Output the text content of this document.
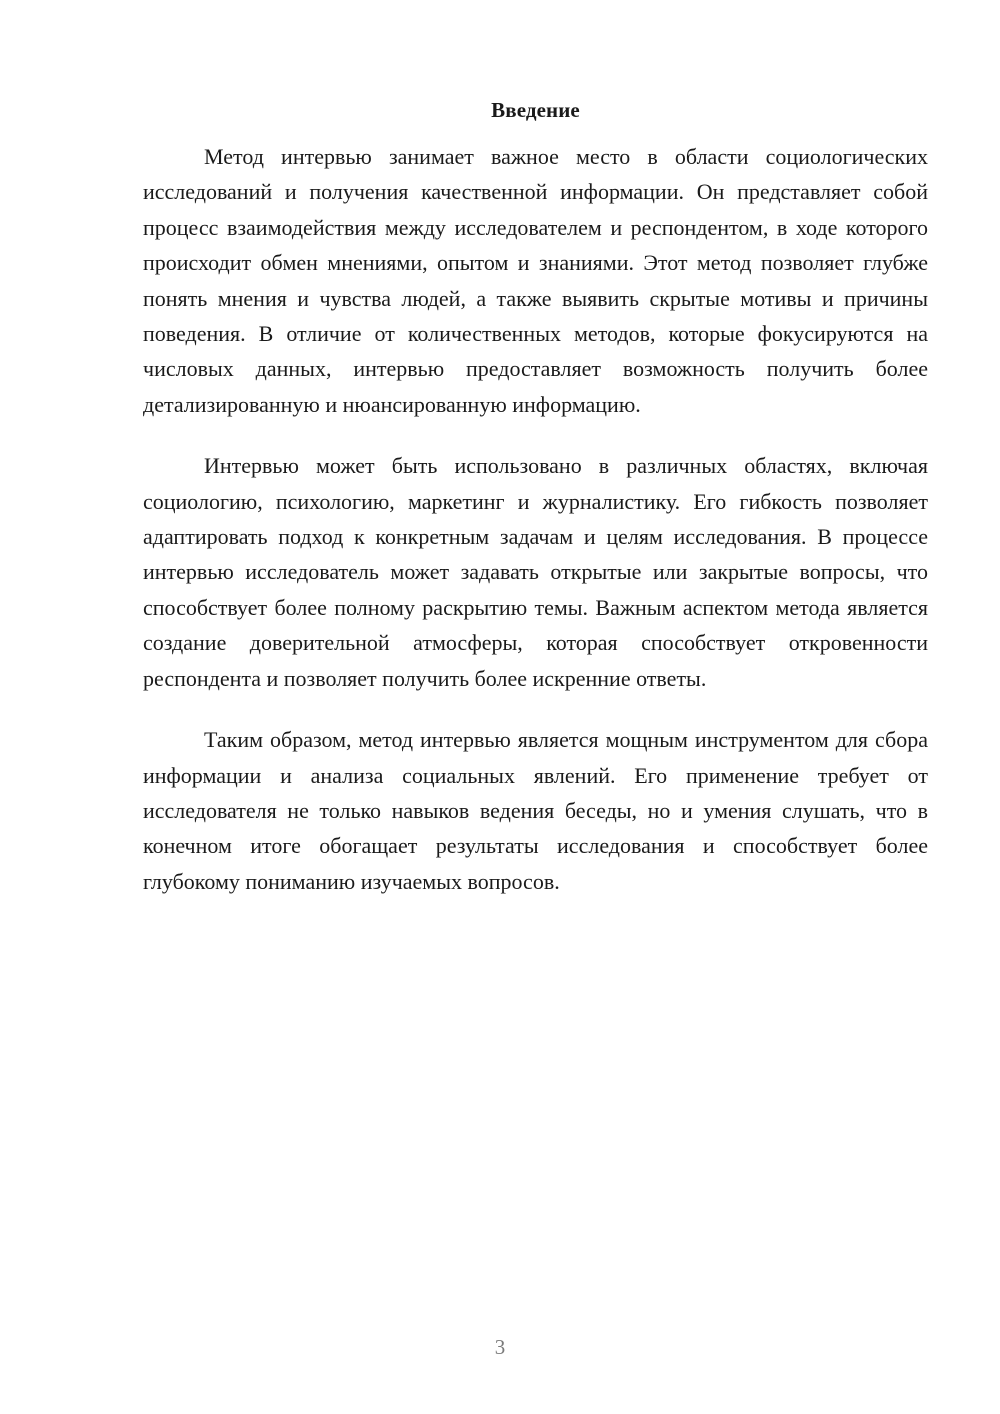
Введение

Метод интервью занимает важное место в области социологических исследований и получения качественной информации. Он представляет собой процесс взаимодействия между исследователем и респондентом, в ходе которого происходит обмен мнениями, опытом и знаниями. Этот метод позволяет глубже понять мнения и чувства людей, а также выявить скрытые мотивы и причины поведения. В отличие от количественных методов, которые фокусируются на числовых данных, интервью предоставляет возможность получить более детализированную и нюансированную информацию.

Интервью может быть использовано в различных областях, включая социологию, психологию, маркетинг и журналистику. Его гибкость позволяет адаптировать подход к конкретным задачам и целям исследования. В процессе интервью исследователь может задавать открытые или закрытые вопросы, что способствует более полному раскрытию темы. Важным аспектом метода является создание доверительной атмосферы, которая способствует откровенности респондента и позволяет получить более искренние ответы.

Таким образом, метод интервью является мощным инструментом для сбора информации и анализа социальных явлений. Его применение требует от исследователя не только навыков ведения беседы, но и умения слушать, что в конечном итоге обогащает результаты исследования и способствует более глубокому пониманию изучаемых вопросов.

3
